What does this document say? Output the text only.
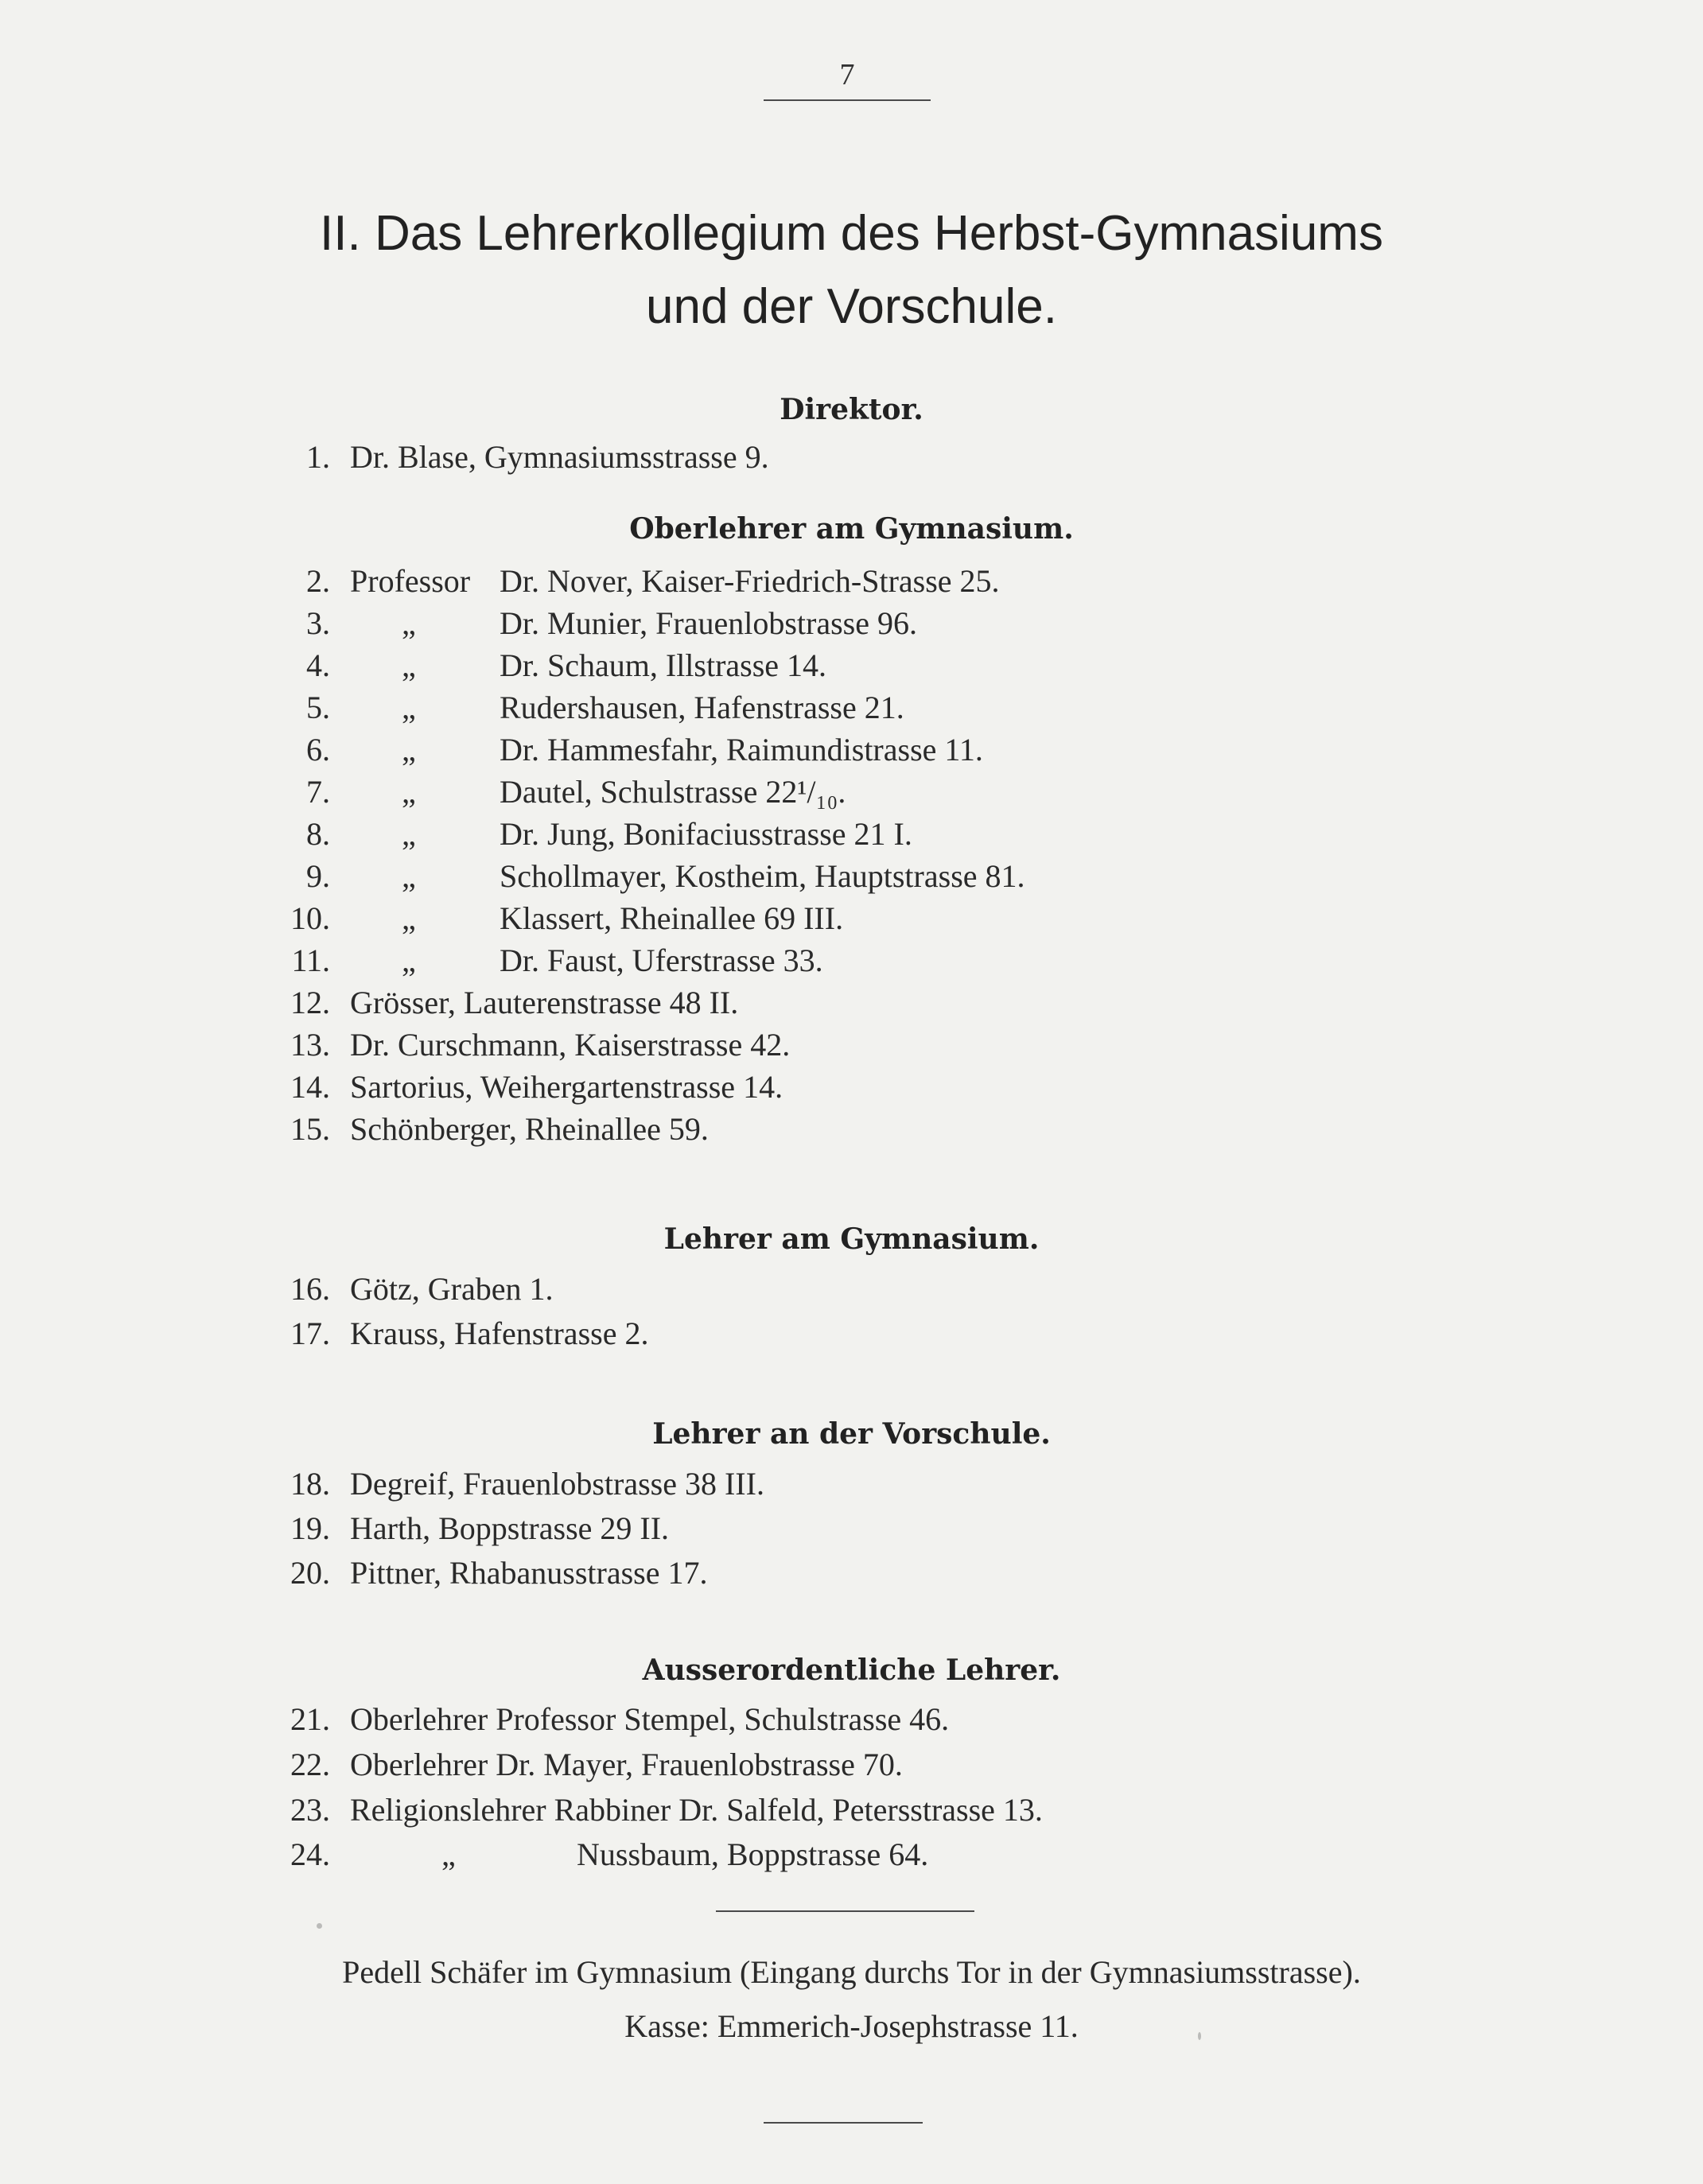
7
II. Das Lehrerkollegium des Herbst-Gymnasiums
und der Vorschule.
Direktor.
1. Dr. Blase, Gymnasiumsstrasse 9.
Oberlehrer am Gymnasium.
2. Professor Dr. Nover, Kaiser-Friedrich-Strasse 25.
3. „	Dr. Munier, Frauenlobstrasse 96.
4. „	Dr. Schaum, Illstrasse 14.
5. „	Rudershausen, Hafenstrasse 21.
6. „	Dr. Hammesfahr, Raimundistrasse 11.
7. „	Dautel, Schulstrasse 22¹/₁₀.
8. „	Dr. Jung, Bonifaciusstrasse 21 I.
9. „	Schollmayer, Kostheim, Hauptstrasse 81.
10. „	Klassert, Rheinallee 69 III.
11. „	Dr. Faust, Uferstrasse 33.
12. Grösser, Lauterenstrasse 48 II.
13. Dr. Curschmann, Kaiserstrasse 42.
14. Sartorius, Weihergartenstrasse 14.
15. Schönberger, Rheinallee 59.
Lehrer am Gymnasium.
16. Götz, Graben 1.
17. Krauss, Hafenstrasse 2.
Lehrer an der Vorschule.
18. Degreif, Frauenlobstrasse 38 III.
19. Harth, Boppstrasse 29 II.
20. Pittner, Rhabanusstrasse 17.
Ausserordentliche Lehrer.
21. Oberlehrer Professor Stempel, Schulstrasse 46.
22. Oberlehrer Dr. Mayer, Frauenlobstrasse 70.
23. Religionslehrer Rabbiner Dr. Salfeld, Petersstrasse 13.
24.	„	Nussbaum, Boppstrasse 64.
Pedell Schäfer im Gymnasium (Eingang durchs Tor in der Gymnasiumsstrasse).
Kasse: Emmerich-Josephstrasse 11.
